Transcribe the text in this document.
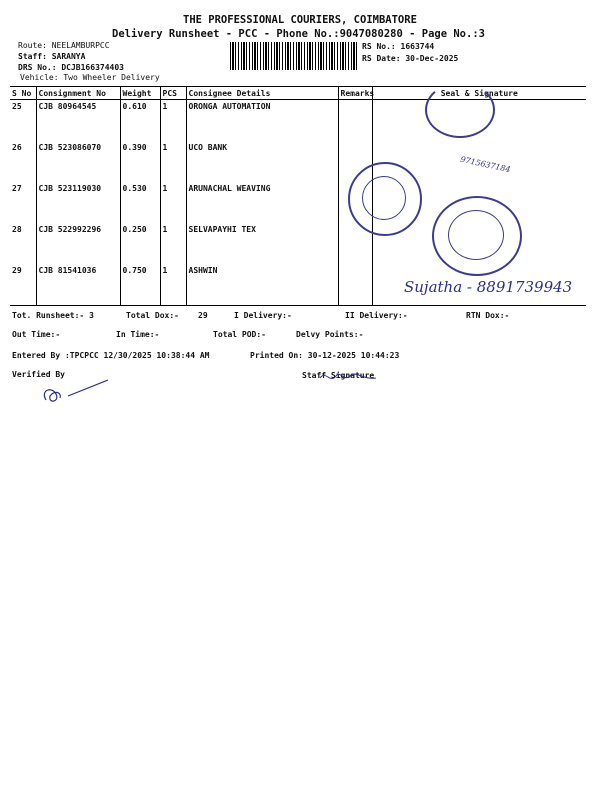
THE PROFESSIONAL COURIERS, COIMBATORE
Delivery Runsheet - PCC - Phone No.:9047080280 - Page No.:3
Route: NEELAMBURPCC
Staff: SARANYA
DRS No.: DCJB166374403
Vehicle: Two Wheeler Delivery
RS No.: 1663744
RS Date: 30-Dec-2025
S No	Consignment No	Weight	PCS	Consignee Details	Remarks	Seal & Signature
25	CJB 80964545	0.610	1	ORONGA AUTOMATION		
26	CJB 523086070	0.390	1	UCO BANK		
27	CJB 523119030	0.530	1	ARUNACHAL WEAVING		
28	CJB 522992296	0.250	1	SELVAPAYHI TEX		
29	CJB 81541036	0.750	1	ASHWIN		
9715637184
Sujatha - 8891739943
Tot. Runsheet:- 3	Total Dox:- 29	I Delivery:-	II Delivery:-	RTN Dox:-
Out Time:-	In Time:-	Total POD:-	Delvy Points:-
Entered By :TPCPCC 12/30/2025 10:38:44 AM	Printed On: 30-12-2025 10:44:23
Verified By	Staff Signature
